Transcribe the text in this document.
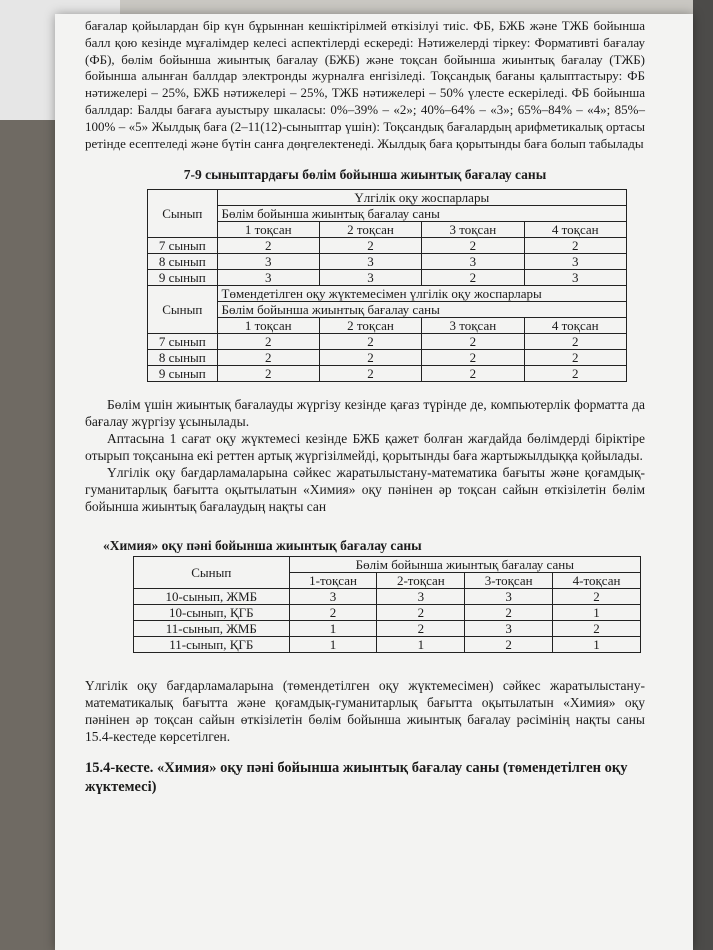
бағалар қойылардан бір күн бұрыннан кешіктірілмей өткізілуі тиіс. ФБ, БЖБ және ТЖБ бойынша балл қою кезінде мұғалімдер келесі аспектілерді ескереді: Нәтижелерді тіркеу: Формативті бағалау (ФБ), бөлім бойынша жиынтық бағалау (БЖБ) және тоқсан бойынша жиынтық бағалау (ТЖБ) бойынша алынған баллдар электронды журналға енгізіледі. Тоқсандық бағаны қалыптастыру: ФБ нәтижелері – 25%, БЖБ нәтижелері – 25%, ТЖБ нәтижелері – 50% үлесте ескеріледі. ФБ бойынша баллдар: Балды бағаға ауыстыру шкаласы: 0%–39% – «2»; 40%–64% – «3»; 65%–84% – «4»; 85%– 100% – «5» Жылдық баға (2–11(12)-сыныптар үшін): Тоқсандық бағалардың арифметикалық ортасы ретінде есептеледі және бүтін санға дөңгелектенеді. Жылдық баға қорытынды баға болып табылады

7-9 сыныптардағы бөлім бойынша жиынтық бағалау саны
Сынып	Үлгілік оқу жоспарлары			
	Бөлім бойынша жиынтық бағалау саны			
	1 тоқсан	2 тоқсан	3 тоқсан	4 тоқсан
7 сынып	2	2	2	2
8 сынып	3	3	3	3
9 сынып	3	3	2	3
Сынып	Төмендетілген оқу жүктемесімен үлгілік оқу жоспарлары			
	Бөлім бойынша жиынтық бағалау саны			
	1 тоқсан	2 тоқсан	3 тоқсан	4 тоқсан
7 сынып	2	2	2	2
8 сынып	2	2	2	2
9 сынып	2	2	2	2

Бөлім үшін жиынтық бағалауды жүргізу кезінде қағаз түрінде де, компьютерлік форматта да бағалау жүргізу ұсынылады.

Аптасына 1 сағат оқу жүктемесі кезінде БЖБ қажет болған жағдайда бөлімдерді біріктіре отырып тоқсанына екі реттен артық жүргізілмейді, қорытынды баға жартыжылдыққа қойылады.

Үлгілік оқу бағдарламаларына сәйкес жаратылыстану-математика бағыты және қоғамдық-гуманитарлық бағытта оқытылатын «Химия» оқу пәнінен әр тоқсан сайын өткізілетін бөлім бойынша жиынтық бағалаудың нақты сан

«Химия» оқу пәні бойынша жиынтық бағалау саны
Сынып	Бөлім бойынша жиынтық бағалау саны			
	1-тоқсан	2-тоқсан	3-тоқсан	4-тоқсан
10-сынып, ЖМБ	3	3	3	2
10-сынып, ҚГБ	2	2	2	1
11-сынып, ЖМБ	1	2	3	2
11-сынып, ҚГБ	1	1	2	1

Үлгілік оқу бағдарламаларына (төмендетілген оқу жүктемесімен) сәйкес жаратылыстану-математикалық бағытта және қоғамдық-гуманитарлық бағытта оқытылатын «Химия» оқу пәнінен әр тоқсан сайын өткізілетін бөлім бойынша жиынтық бағалау рәсімінің нақты саны 15.4-кестеде көрсетілген.

15.4-кесте. «Химия» оқу пәні бойынша жиынтық бағалау саны (төмендетілген оқу жүктемесі)
